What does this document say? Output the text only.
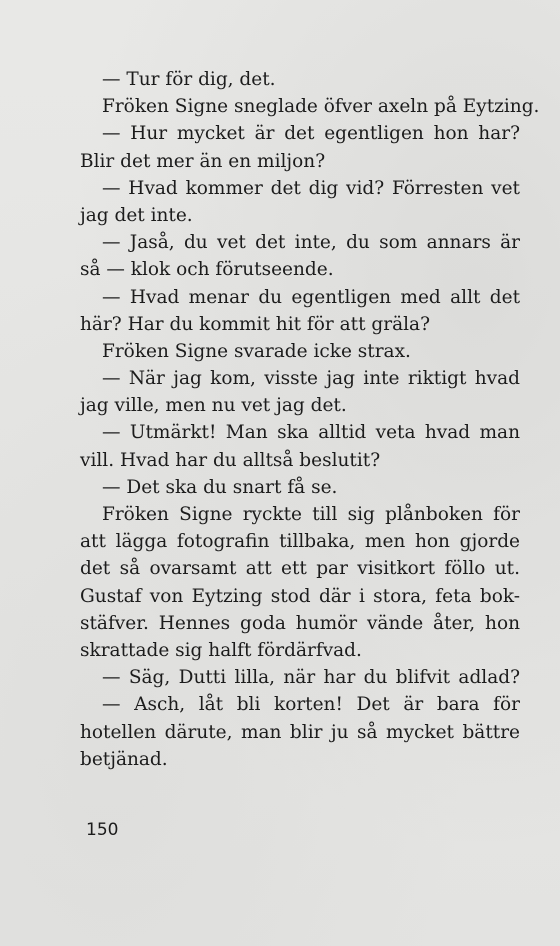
— Tur för dig, det.
Fröken Signe sneglade öfver axeln på Eytzing.
— Hur mycket är det egentligen hon har?
Blir det mer än en miljon?
— Hvad kommer det dig vid? Förresten vet
jag det inte.
— Jaså, du vet det inte, du som annars är
så — klok och förutseende.
— Hvad menar du egentligen med allt det
här? Har du kommit hit för att gräla?
Fröken Signe svarade icke strax.
— När jag kom, visste jag inte riktigt hvad
jag ville, men nu vet jag det.
— Utmärkt! Man ska alltid veta hvad man
vill. Hvad har du alltså beslutit?
— Det ska du snart få se.
Fröken Signe ryckte till sig plånboken för
att lägga fotografin tillbaka, men hon gjorde
det så ovarsamt att ett par visitkort föllo ut.
Gustaf von Eytzing stod där i stora, feta bok-
stäfver. Hennes goda humör vände åter, hon
skrattade sig halft fördärfvad.
— Säg, Dutti lilla, när har du blifvit adlad?
— Asch, låt bli korten! Det är bara för
hotellen därute, man blir ju så mycket bättre
betjänad.
150
